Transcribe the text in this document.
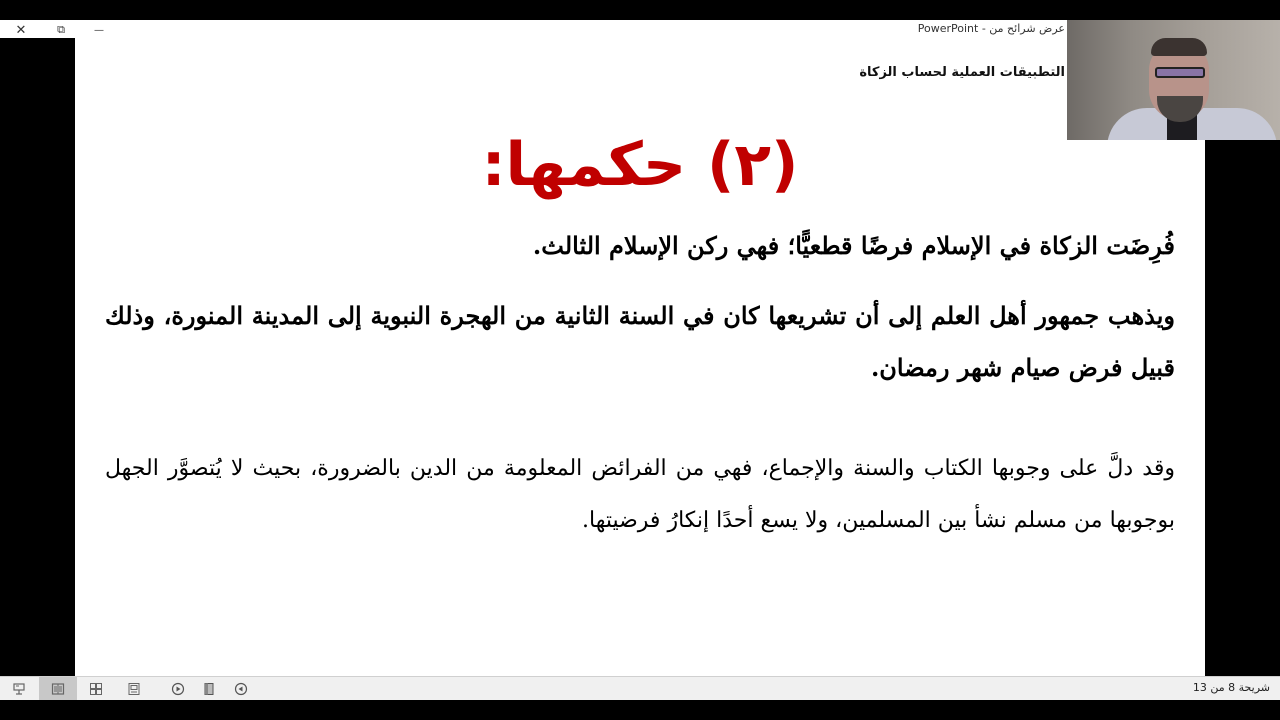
✕	⧉	—	عرض شرائح من - PowerPoint
التطبيقات العملية لحساب الزكاة
(٢) حكمها:
فُرِضَت الزكاة في الإسلام فرضًا قطعيًّا؛ فهي ركن الإسلام الثالث.
ويذهب جمهور أهل العلم إلى أن تشريعها كان في السنة الثانية من الهجرة النبوية إلى المدينة المنورة، وذلك قبيل فرض صيام شهر رمضان.
وقد دلَّ على وجوبها الكتاب والسنة والإجماع، فهي من الفرائض المعلومة من الدين بالضرورة، بحيث لا يُتصوَّر الجهل بوجوبها من مسلم نشأ بين المسلمين، ولا يسع أحدًا إنكارُ فرضيتها.
شريحة 8 من 13
